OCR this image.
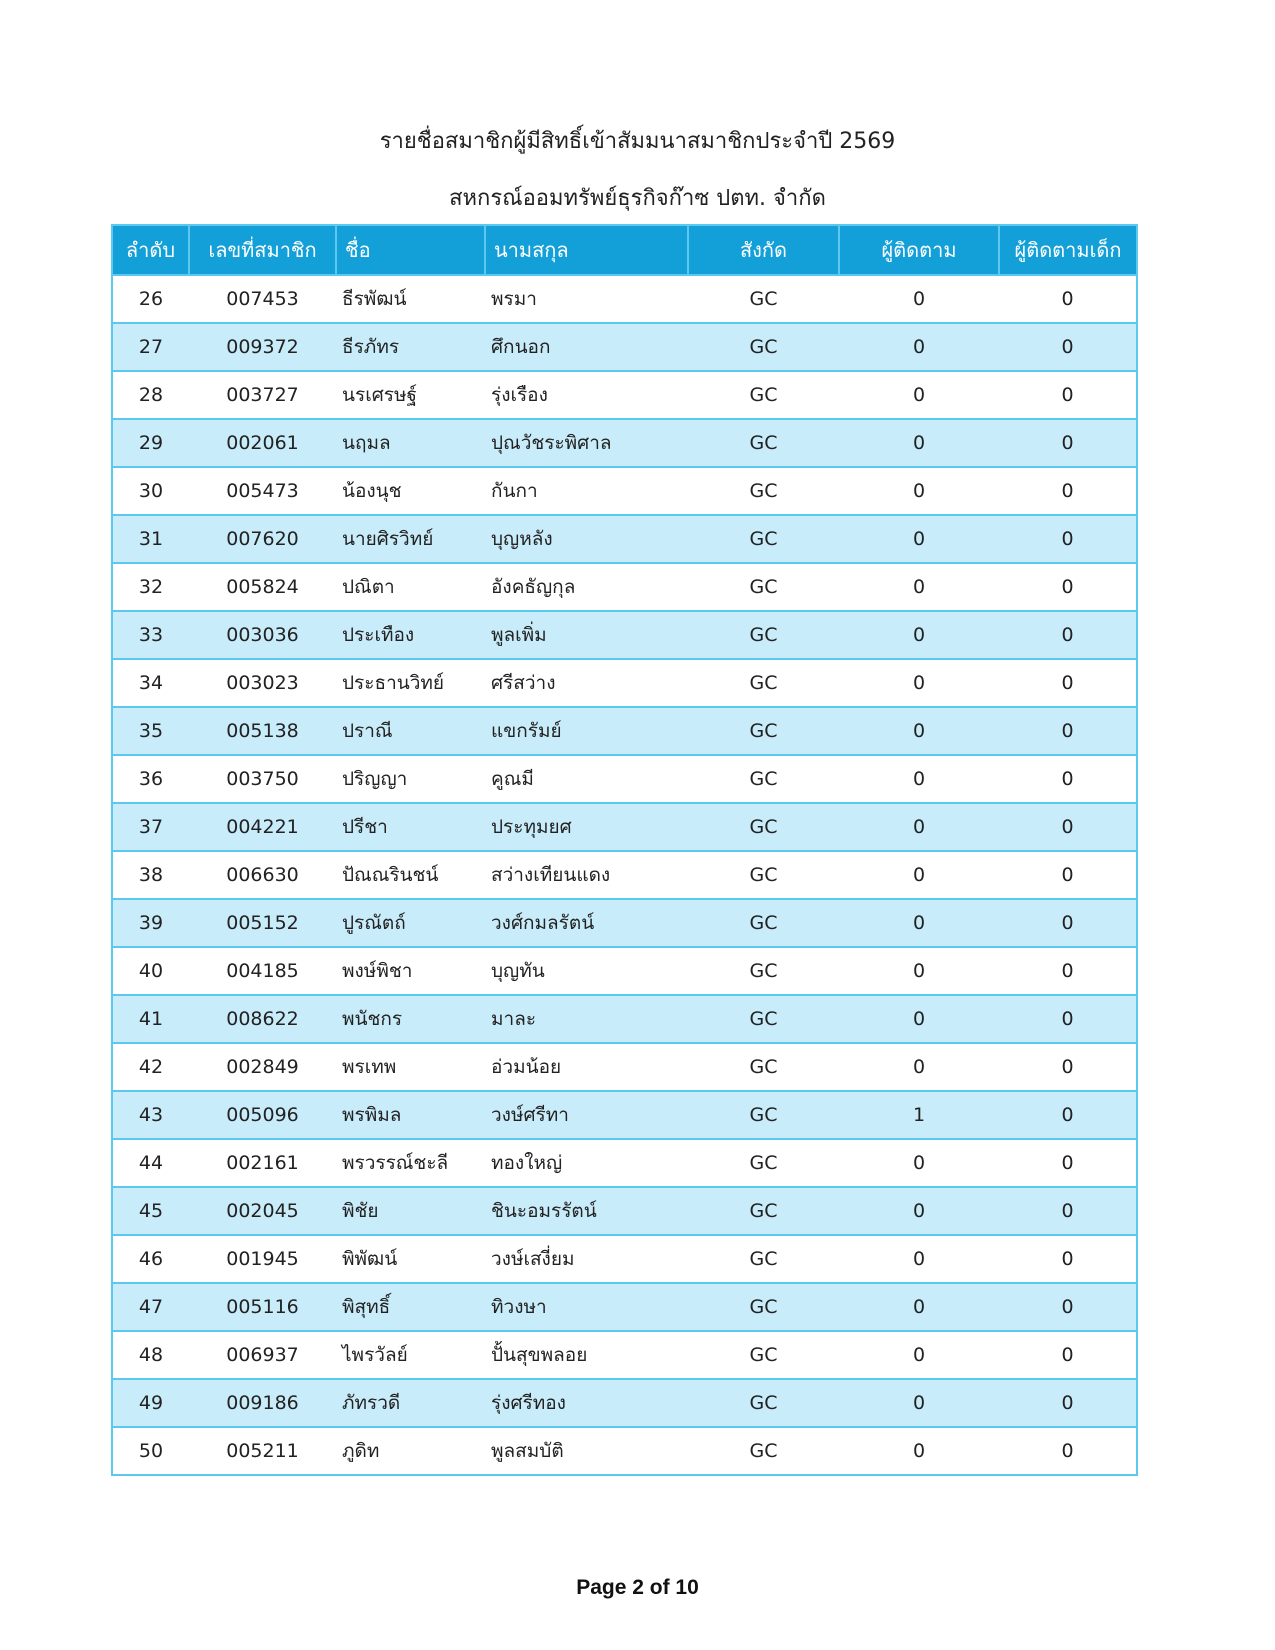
รายชื่อสมาชิกผู้มีสิทธิ์เข้าสัมมนาสมาชิกประจำปี 2569
สหกรณ์ออมทรัพย์ธุรกิจก๊าซ ปตท. จำกัด
ลำดับ	เลขที่สมาชิก	ชื่อ	นามสกุล	สังกัด	ผู้ติดตาม	ผู้ติดตามเด็ก
26	007453	ธีรพัฒน์	พรมา	GC	0	0
27	009372	ธีรภัทร	ศึกนอก	GC	0	0
28	003727	นรเศรษฐ์	รุ่งเรือง	GC	0	0
29	002061	นฤมล	ปุณวัชระพิศาล	GC	0	0
30	005473	น้องนุช	กันกา	GC	0	0
31	007620	นายศิรวิทย์	บุญหลัง	GC	0	0
32	005824	ปณิตา	อังคธัญกุล	GC	0	0
33	003036	ประเทือง	พูลเพิ่ม	GC	0	0
34	003023	ประธานวิทย์	ศรีสว่าง	GC	0	0
35	005138	ปราณี	แขกรัมย์	GC	0	0
36	003750	ปริญญา	คูณมี	GC	0	0
37	004221	ปรีชา	ประทุมยศ	GC	0	0
38	006630	ปัณณรินชน์	สว่างเทียนแดง	GC	0	0
39	005152	ปูรณัตถ์	วงศ์กมลรัตน์	GC	0	0
40	004185	พงษ์พิชา	บุญทัน	GC	0	0
41	008622	พนัชกร	มาละ	GC	0	0
42	002849	พรเทพ	อ่วมน้อย	GC	0	0
43	005096	พรพิมล	วงษ์ศรีทา	GC	1	0
44	002161	พรวรรณ์ชะลี	ทองใหญ่	GC	0	0
45	002045	พิชัย	ชินะอมรรัตน์	GC	0	0
46	001945	พิพัฒน์	วงษ์เสงี่ยม	GC	0	0
47	005116	พิสุทธิ์	ทิวงษา	GC	0	0
48	006937	ไพรวัลย์	ปั้นสุขพลอย	GC	0	0
49	009186	ภัทรวดี	รุ่งศรีทอง	GC	0	0
50	005211	ภูดิท	พูลสมบัติ	GC	0	0
Page 2 of 10
